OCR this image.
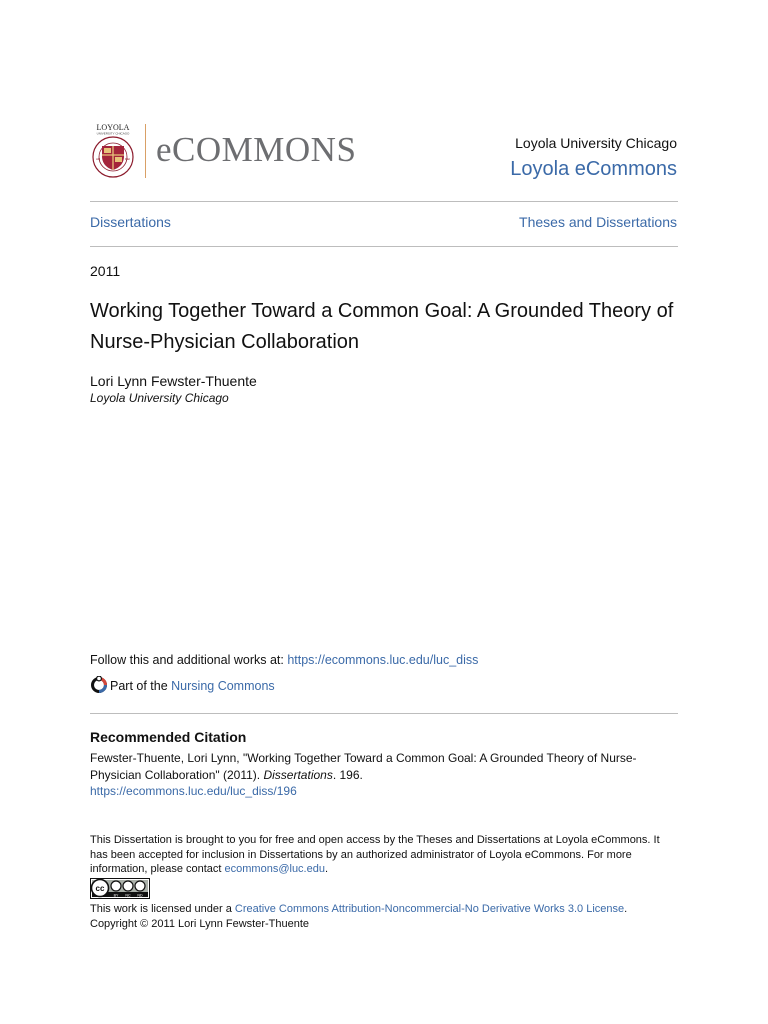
LOYOLA
UNIVERSITY CHICAGO
AD	DEI eCOMMONS	Loyola University Chicago
Loyola eCommons
Dissertations	Theses and Dissertations
2011
Working Together Toward a Common Goal: A Grounded Theory of Nurse-Physician Collaboration
Lori Lynn Fewster-Thuente
Loyola University Chicago
Follow this and additional works at: https://ecommons.luc.edu/luc_diss
Part of the Nursing Commons
Recommended Citation
Fewster-Thuente, Lori Lynn, "Working Together Toward a Common Goal: A Grounded Theory of Nurse-Physician Collaboration" (2011). Dissertations. 196.
https://ecommons.luc.edu/luc_diss/196
This Dissertation is brought to you for free and open access by the Theses and Dissertations at Loyola eCommons. It has been accepted for inclusion in Dissertations by an authorized administrator of Loyola eCommons. For more information, please contact ecommons@luc.edu.
cc
BY NC ND
This work is licensed under a Creative Commons Attribution-Noncommercial-No Derivative Works 3.0 License.
Copyright © 2011 Lori Lynn Fewster-Thuente
